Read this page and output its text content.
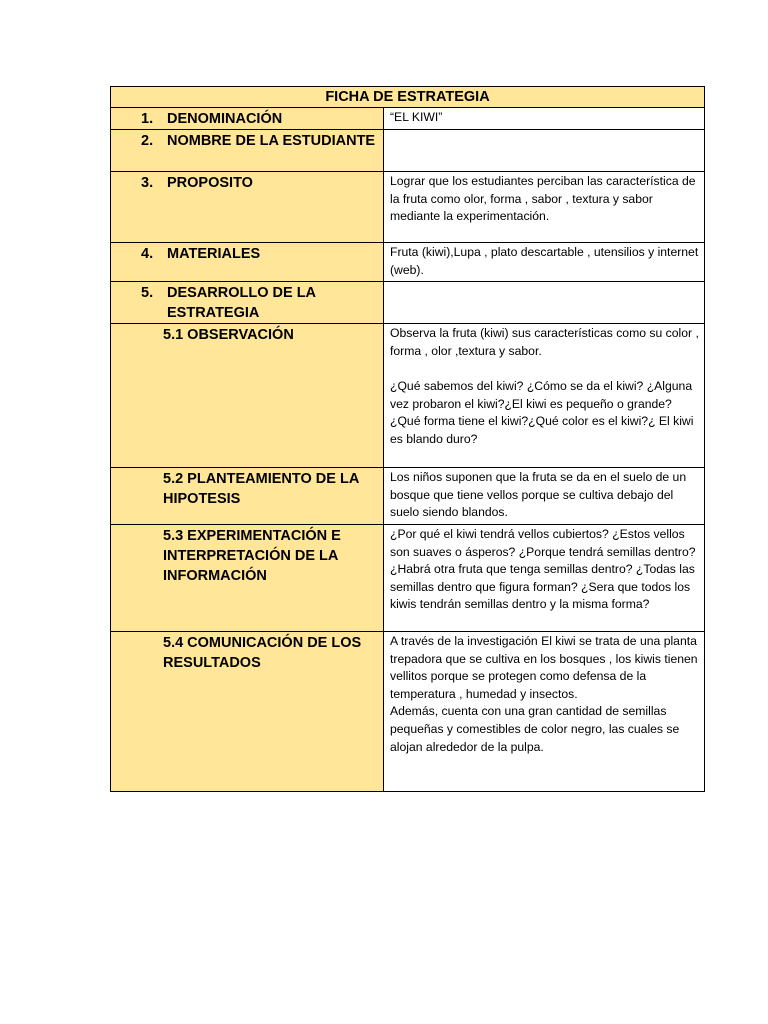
FICHA DE ESTRATEGIA	

1. DENOMINACIÓN	“EL KIWI”

2. NOMBRE DE LA ESTUDIANTE	

3. PROPOSITO	Lograr que los estudiantes perciban las característica de la fruta como olor, forma , sabor , textura y sabor mediante la experimentación.

4. MATERIALES	Fruta (kiwi),Lupa , plato descartable , utensilios y internet (web).

5. DESARROLLO DE LA ESTRATEGIA	

5.1 OBSERVACIÓN	Observa la fruta (kiwi) sus características como su color , forma , olor ,textura y sabor.

¿Qué sabemos del kiwi? ¿Cómo se da el kiwi? ¿Alguna vez probaron el kiwi?¿El kiwi es pequeño o grande? ¿Qué forma tiene el kiwi?¿Qué color es el kiwi?¿ El kiwi es blando duro?

5.2 PLANTEAMIENTO DE LA HIPOTESIS	Los niños suponen que la fruta se da en el suelo de un bosque que tiene vellos porque se cultiva debajo del suelo siendo blandos.

5.3 EXPERIMENTACIÓN E INTERPRETACIÓN DE LA INFORMACIÓN	¿Por qué el kiwi tendrá vellos cubiertos? ¿Estos vellos son suaves o ásperos? ¿Porque tendrá semillas dentro? ¿Habrá otra fruta que tenga semillas dentro? ¿Todas las semillas dentro que figura forman? ¿Sera que todos los kiwis tendrán semillas dentro y la misma forma?

5.4 COMUNICACIÓN DE LOS RESULTADOS	A través de la investigación El kiwi se trata de una planta trepadora que se cultiva en los bosques , los kiwis tienen vellitos porque se protegen como defensa de la temperatura , humedad y insectos.

Además, cuenta con una gran cantidad de semillas pequeñas y comestibles de color negro, las cuales se alojan alrededor de la pulpa.
